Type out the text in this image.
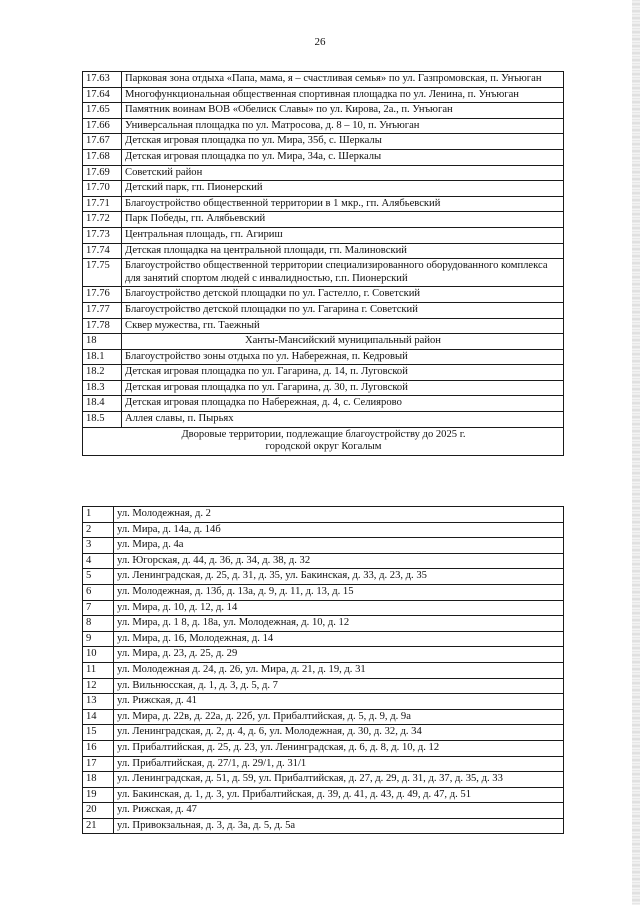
26
17.63	Парковая зона отдыха «Папа, мама, я – счастливая семья» по ул. Газпромовская, п. Унъюган
17.64	Многофункциональная общественная спортивная площадка по ул. Ленина, п. Унъюган
17.65	Памятник воинам ВОВ «Обелиск Славы» по ул. Кирова, 2а., п. Унъюган
17.66	Универсальная площадка по ул. Матросова, д. 8 – 10, п. Унъюган
17.67	Детская игровая площадка по ул. Мира, 35б, с. Шеркалы
17.68	Детская игровая площадка по ул. Мира, 34а, с. Шеркалы
17.69	Советский район
17.70	Детский парк, гп. Пионерский
17.71	Благоустройство общественной территории в 1 мкр., гп. Алябьевский
17.72	Парк Победы, гп. Алябьевский
17.73	Центральная площадь, гп. Агириш
17.74	Детская площадка на центральной площади, гп. Малиновский
17.75	Благоустройство общественной территории специализированного оборудованного комплекса для занятий спортом людей с инвалидностью, г.п. Пионерский
17.76	Благоустройство детской площадки по ул. Гастелло, г. Советский
17.77	Благоустройство детской площадки по ул. Гагарина г. Советский
17.78	Сквер мужества, гп. Таежный
18	Ханты-Мансийский муниципальный район
18.1	Благоустройство зоны отдыха по ул. Набережная, п. Кедровый
18.2	Детская игровая площадка по ул. Гагарина, д. 14, п. Луговской
18.3	Детская игровая площадка по ул. Гагарина, д. 30, п. Луговской
18.4	Детская игровая площадка по Набережная, д. 4, с. Селиярово
18.5	Аллея славы, п. Пырьях

Дворовые территории, подлежащие благоустройству до 2025 г.
городской округ Когалым	
1	ул. Молодежная, д. 2
2	ул. Мира, д. 14а, д. 14б
3	ул. Мира, д. 4а
4	ул. Югорская, д. 44, д. 36, д. 34, д. 38, д. 32
5	ул. Ленинградская, д. 25, д. 31, д. 35, ул. Бакинская, д. 33, д. 23, д. 35
6	ул. Молодежная, д. 13б, д. 13а, д. 9, д. 11, д. 13, д. 15
7	ул. Мира, д. 10, д. 12, д. 14
8	ул. Мира, д. 1 8, д. 18а, ул. Молодежная, д. 10, д. 12
9	ул. Мира, д. 16, Молодежная, д. 14
10	ул. Мира, д. 23, д. 25, д. 29
11	ул. Молодежная д. 24, д. 26, ул. Мира, д. 21, д. 19, д. 31
12	ул. Вильнюсская, д. 1, д. 3, д. 5, д. 7
13	ул. Рижская, д. 41
14	ул. Мира, д. 22в, д. 22а, д. 22б, ул. Прибалтийская, д. 5, д. 9, д. 9а
15	ул. Ленинградская, д. 2, д. 4, д. 6, ул. Молодежная, д. 30, д. 32, д. 34
16	ул. Прибалтийская, д. 25, д. 23, ул. Ленинградская, д. 6, д. 8, д. 10, д. 12
17	ул. Прибалтийская, д. 27/1, д. 29/1, д. 31/1
18	ул. Ленинградская, д. 51, д. 59, ул. Прибалтийская, д. 27, д. 29, д. 31, д. 37, д. 35, д. 33
19	ул. Бакинская, д. 1, д. 3, ул. Прибалтийская, д. 39, д. 41, д. 43, д. 49, д. 47, д. 51
20	ул. Рижская, д. 47
21	ул. Привокзальная, д. 3, д. 3а, д. 5, д. 5а
